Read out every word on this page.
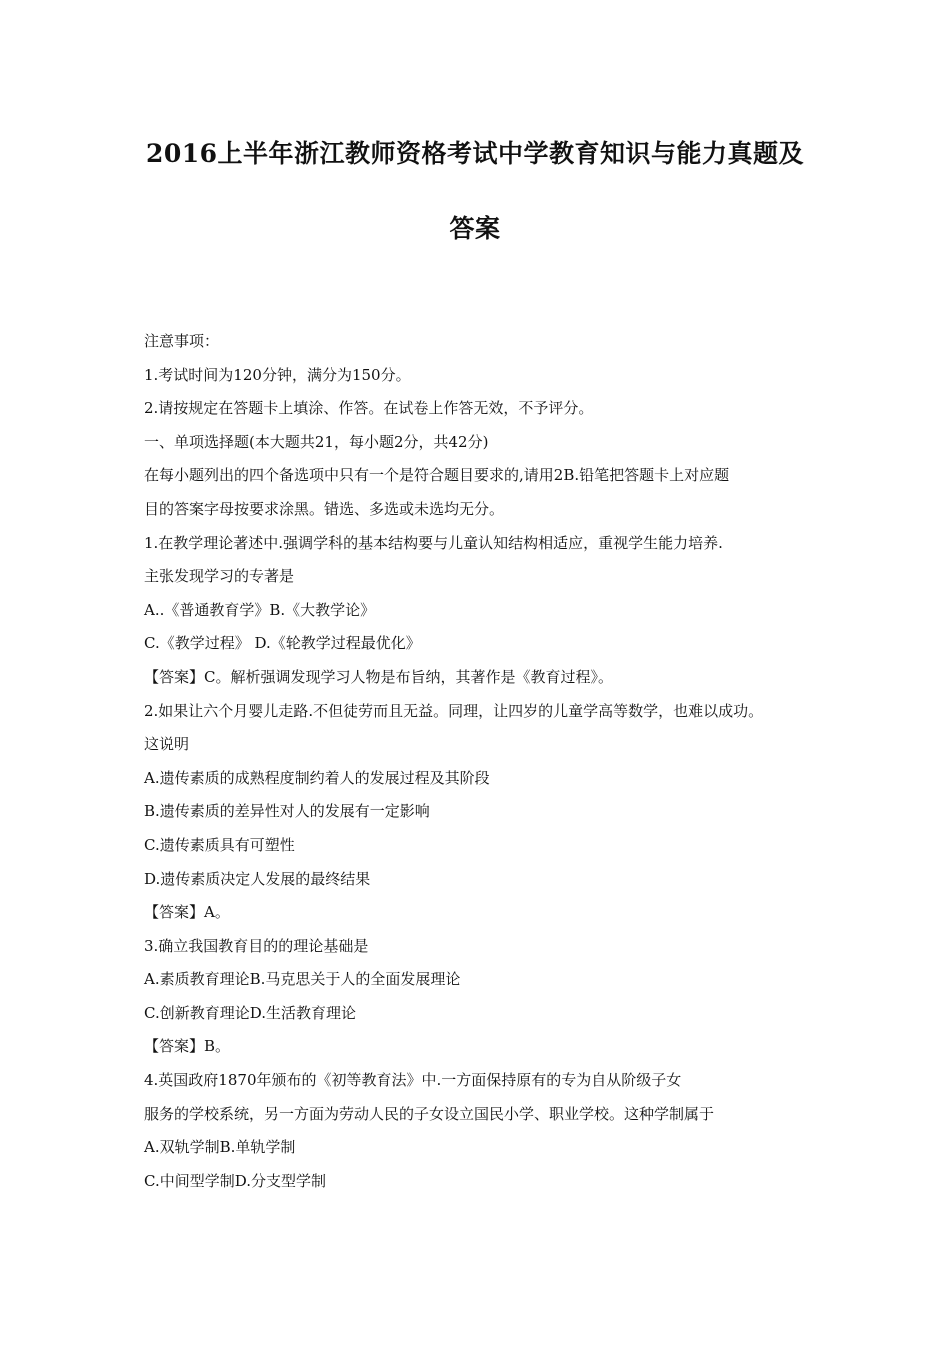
2016上半年浙江教师资格考试中学教育知识与能力真题及
答案
注意事项：
1.考试时间为120分钟，满分为150分。
2.请按规定在答题卡上填涂、作答。在试卷上作答无效，不予评分。
一、单项选择题(本大题共21，每小题2分，共42分)
在每小题列出的四个备选项中只有一个是符合题目要求的,请用2B.铅笔把答题卡上对应题
目的答案字母按要求涂黑。错选、多选或未选均无分。
1.在教学理论著述中.强调学科的基本结构要与儿童认知结构相适应，重视学生能力培养.
主张发现学习的专著是
A..《普通教育学》B.《大教学论》
C.《教学过程》 D.《轮教学过程最优化》
【答案】C。解析强调发现学习人物是布旨纳，其著作是《教育过程》。
2.如果让六个月婴儿走路.不但徒劳而且无益。同理，让四岁的儿童学高等数学，也难以成功。
这说明
A.遗传素质的成熟程度制约着人的发展过程及其阶段
B.遗传素质的差异性对人的发展有一定影响
C.遗传素质具有可塑性
D.遗传素质决定人发展的最终结果
【答案】A。
3.确立我国教育目的的理论基础是
A.素质教育理论B.马克思关于人的全面发展理论
C.创新教育理论D.生活教育理论
【答案】B。
4.英国政府1870年颁布的《初等教育法》中.一方面保持原有的专为自从阶级子女
服务的学校系统，另一方面为劳动人民的子女设立国民小学、职业学校。这种学制属于
A.双轨学制B.单轨学制
C.中间型学制D.分支型学制
